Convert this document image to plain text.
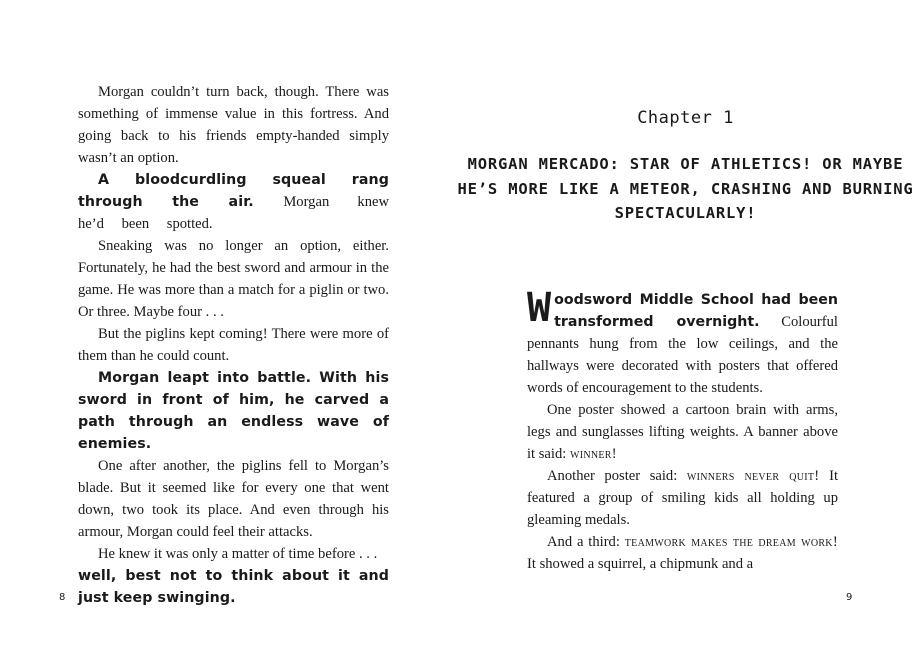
Morgan couldn’t turn back, though. There was something of immense value in this fortress. And going back to his friends empty-handed simply wasn’t an option.

A bloodcurdling squeal rang through the air. Morgan knew he’d been spotted.

Sneaking was no longer an option, either. Fortunately, he had the best sword and armour in the game. He was more than a match for a piglin or two. Or three. Maybe four . . .

But the piglins kept coming! There were more of them than he could count.

Morgan leapt into battle. With his sword in front of him, he carved a path through an endless wave of enemies.

One after another, the piglins fell to Morgan’s blade. But it seemed like for every one that went down, two took its place. And even through his armour, Morgan could feel their attacks.

He knew it was only a matter of time before . . .

well, best not to think about it and just keep swinging.

8
Chapter 1
MORGAN MERCADO: STAR OF ATHLETICS! OR MAYBE HE’S MORE LIKE A METEOR, CRASHING AND BURNING SPECTACULARLY!

Woodsword Middle School had been transformed overnight. Colourful pennants hung from the low ceilings, and the hallways were decorated with posters that offered words of encouragement to the students.

One poster showed a cartoon brain with arms, legs and sunglasses lifting weights. A banner above it said: winner!

Another poster said: winners never quit! It featured a group of smiling kids all holding up gleaming medals.

And a third: teamwork makes the dream work! It showed a squirrel, a chipmunk and a

9
